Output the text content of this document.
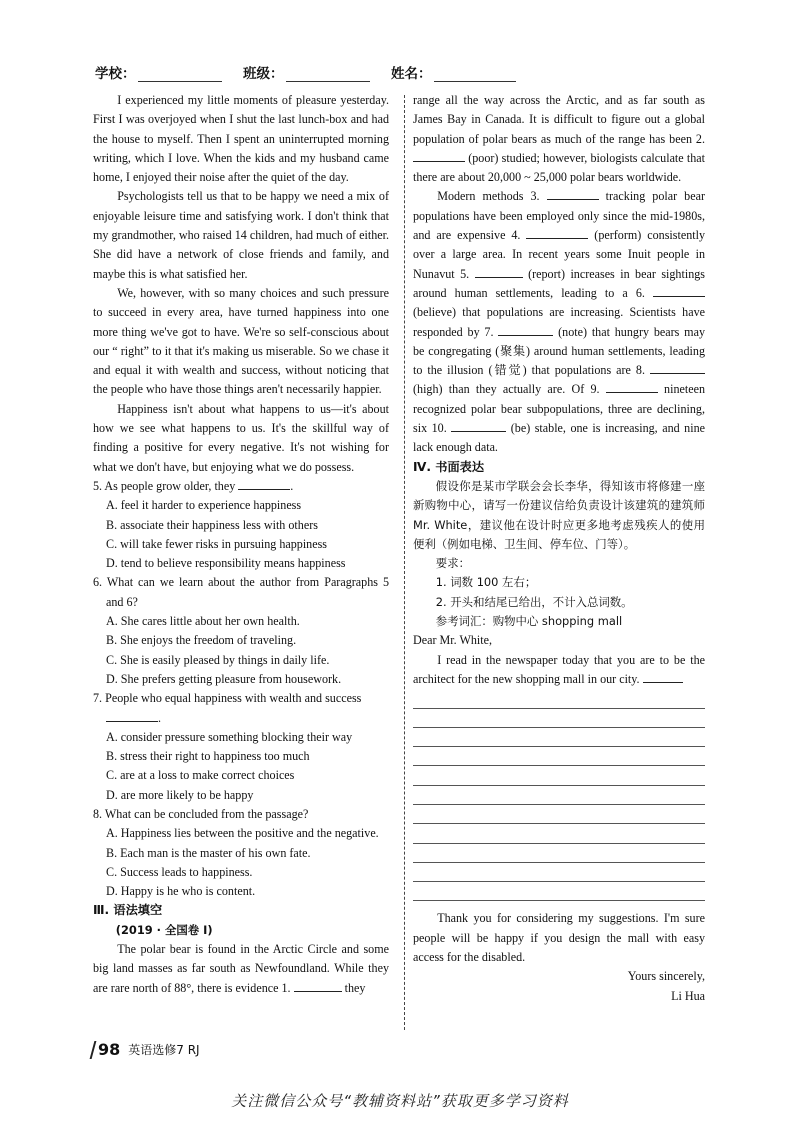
学校：	班级：	姓名：

I experienced my little moments of pleasure yesterday. First I was overjoyed when I shut the last lunch-box and had the house to myself. Then I spent an uninterrupted morning writing, which I love. When the kids and my husband came home, I enjoyed their noise after the quiet of the day.

Psychologists tell us that to be happy we need a mix of enjoyable leisure time and satisfying work. I don't think that my grandmother, who raised 14 children, had much of either. She did have a network of close friends and family, and maybe this is what satisfied her.

We, however, with so many choices and such pressure to succeed in every area, have turned happiness into one more thing we've got to have. We're so self-conscious about our “ right” to it that it's making us miserable. So we chase it and equal it with wealth and success, without noticing that the people who have those things aren't necessarily happier.

Happiness isn't about what happens to us—it's about how we see what happens to us. It's the skillful way of finding a positive for every negative. It's not wishing for what we don't have, but enjoying what we do possess.

5. As people grow older, they	.

A. feel it harder to experience happiness

B. associate their happiness less with others

C. will take fewer risks in pursuing happiness

D. tend to believe responsibility means happiness

6. What can we learn about the author from Paragraphs 5 and 6?

A. She cares little about her own health.

B. She enjoys the freedom of traveling.

C. She is easily pleased by things in daily life.

D. She prefers getting pleasure from housework.

7. People who equal happiness with wealth and success
.

A. consider pressure something blocking their way

B. stress their right to happiness too much

C. are at a loss to make correct choices

D. are more likely to be happy

8. What can be concluded from the passage?

A. Happiness lies between the positive and the negative.

B. Each man is the master of his own fate.

C. Success leads to happiness.

D. Happy is he who is content.

Ⅲ. 语法填空

(2019 · 全国卷 Ⅰ)

The polar bear is found in the Arctic Circle and some big land masses as far south as Newfoundland. While they are rare north of 88°, there is evidence 1.	they

range all the way across the Arctic, and as far south as James Bay in Canada. It is difficult to figure out a global population of polar bears as much of the range has been 2.  (poor) studied; however, biologists calculate that there are about 20,000 ~ 25,000 polar bears worldwide.

Modern methods 3.	tracking polar bear populations have been employed only since the mid-1980s, and are expensive 4.	(perform) consistently over a large area. In recent years some Inuit people in Nunavut 5.	(report) increases in bear sightings around human settlements, leading to a 6.  (believe) that populations are increasing. Scientists have responded by 7.	(note) that hungry bears may be congregating (聚集) around human settlements, leading to the illusion (错觉) that populations are 8.  (high) than they actually are. Of 9.	nineteen recognized polar bear subpopulations, three are declining, six 10.	(be) stable, one is increasing, and nine lack enough data.

Ⅳ. 书面表达

假设你是某市学联会会长李华，得知该市将修建一座新购物中心，请写一份建议信给负责设计该建筑的建筑师 Mr. White，建议他在设计时应更多地考虑残疾人的使用便利（例如电梯、卫生间、停车位、门等）。

要求：

1. 词数 100 左右；

2. 开头和结尾已给出，不计入总词数。

参考词汇：购物中心 shopping mall

Dear Mr. White,

I read in the newspaper today that you are to be the architect for the new shopping mall in our city.

Thank you for considering my suggestions. I'm sure people will be happy if you design the mall with easy access for the disabled.

Yours sincerely,

Li Hua

98 英语选修7 RJ
关注微信公众号“教辅资料站”获取更多学习资料
